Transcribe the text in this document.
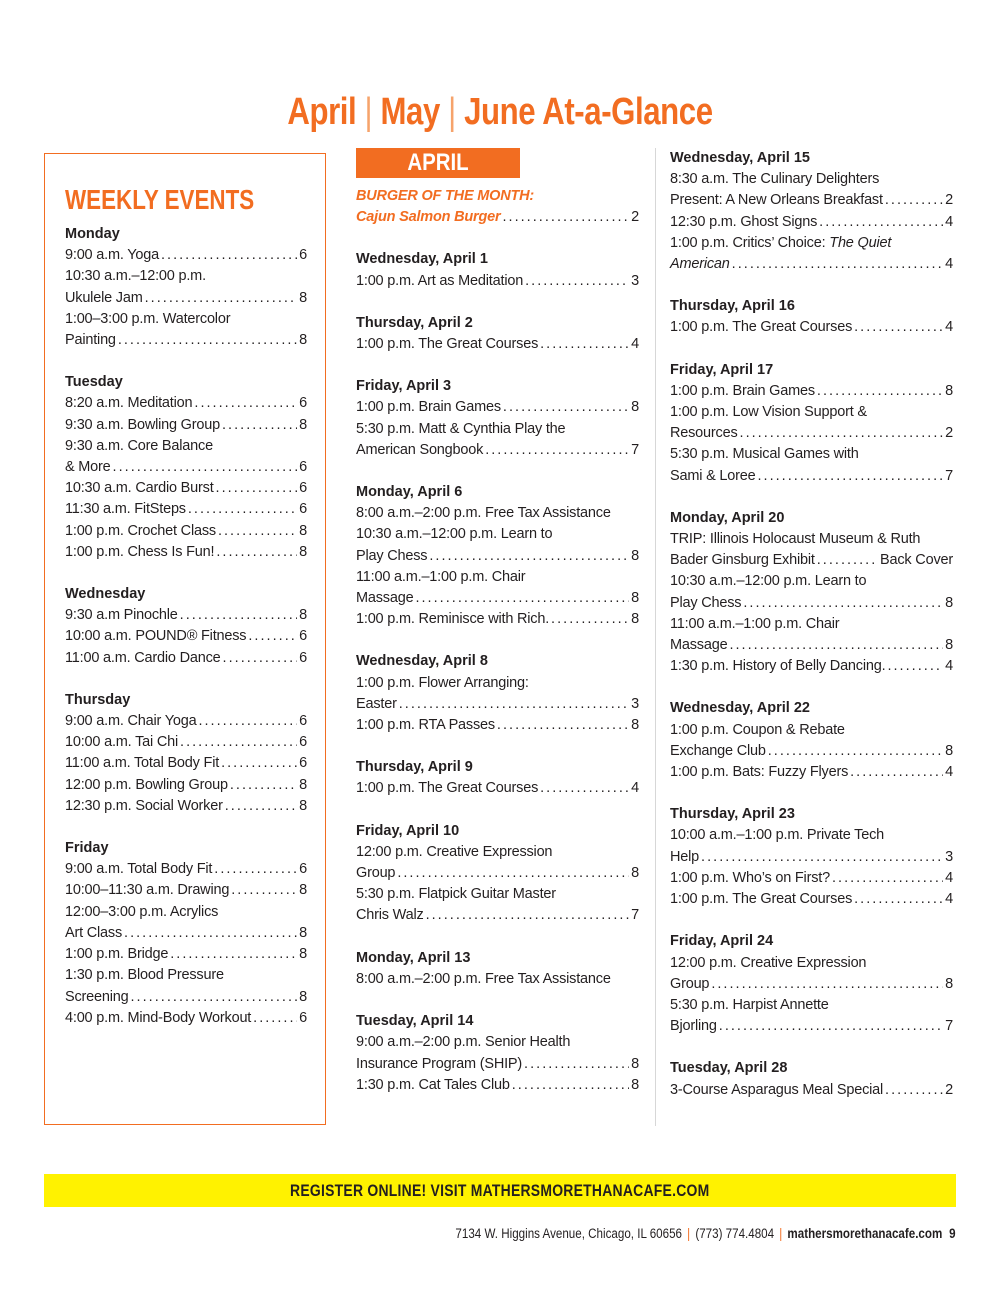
April | May | June At-a-Glance
WEEKLY EVENTS
Monday
9:00 a.m. Yoga . . .	6
10:30 a.m.–12:00 p.m.
Ukulele Jam . . .	8
1:00–3:00 p.m. Watercolor
Painting . . .	8
Tuesday
8:20 a.m. Meditation . . .	6
9:30 a.m. Bowling Group . . .	8
9:30 a.m. Core Balance
& More . . .	6
10:30 a.m. Cardio Burst . . .	6
11:30 a.m. FitSteps . . .	6
1:00 p.m. Crochet Class . . .	8
1:00 p.m. Chess Is Fun! . . .	8
Wednesday
9:30 a.m Pinochle . . .	8
10:00 a.m. POUND® Fitness . . .	6
11:00 a.m. Cardio Dance . . .	6
Thursday
9:00 a.m. Chair Yoga . . .	6
10:00 a.m. Tai Chi . . .	6
11:00 a.m. Total Body Fit . . .	6
12:00 p.m. Bowling Group . . .	8
12:30 p.m. Social Worker . . .	8
Friday
9:00 a.m. Total Body Fit . . .	6
10:00–11:30 a.m. Drawing . . .	8
12:00–3:00 p.m. Acrylics
Art Class . . .	8
1:00 p.m. Bridge . . .	8
1:30 p.m. Blood Pressure
Screening . . .	8
4:00 p.m. Mind-Body Workout . . .	6
APRIL
BURGER OF THE MONTH:
Cajun Salmon Burger . . .	2
Wednesday, April 1
1:00 p.m. Art as Meditation . . .	3
Thursday, April 2
1:00 p.m. The Great Courses . . .	4
Friday, April 3
1:00 p.m. Brain Games . . .	8
5:30 p.m. Matt & Cynthia Play the
American Songbook . . .	7
Monday, April 6
8:00 a.m.–2:00 p.m. Free Tax Assistance
10:30 a.m.–12:00 p.m. Learn to
Play Chess . . .	8
11:00 a.m.–1:00 p.m. Chair
Massage . . .	8
1:00 p.m. Reminisce with Rich. . . .	8
Wednesday, April 8
1:00 p.m. Flower Arranging:
Easter . . .	3
1:00 p.m. RTA Passes . . .	8
Thursday, April 9
1:00 p.m. The Great Courses . . .	4
Friday, April 10
12:00 p.m. Creative Expression
Group . . .	8
5:30 p.m. Flatpick Guitar Master
Chris Walz . . .	7
Monday, April 13
8:00 a.m.–2:00 p.m. Free Tax Assistance
Tuesday, April 14
9:00 a.m.–2:00 p.m. Senior Health
Insurance Program (SHIP) . . .	8
1:30 p.m. Cat Tales Club . . .	8
Wednesday, April 15
8:30 a.m. The Culinary Delighters
Present: A New Orleans Breakfast . . .	2
12:30 p.m. Ghost Signs . . .	4
1:00 p.m. Critics’ Choice: The Quiet
American . . .	4
Thursday, April 16
1:00 p.m. The Great Courses . . .	4
Friday, April 17
1:00 p.m. Brain Games . . .	8
1:00 p.m. Low Vision Support &
Resources . . .	2
5:30 p.m. Musical Games with
Sami & Loree . . .	7
Monday, April 20
TRIP: Illinois Holocaust Museum & Ruth
Bader Ginsburg Exhibit . . .	Back Cover
10:30 a.m.–12:00 p.m. Learn to
Play Chess . . .	8
11:00 a.m.–1:00 p.m. Chair
Massage . . .	8
1:30 p.m. History of Belly Dancing. . . .	4
Wednesday, April 22
1:00 p.m. Coupon & Rebate
Exchange Club . . .	8
1:00 p.m. Bats: Fuzzy Flyers . . .	4
Thursday, April 23
10:00 a.m.–1:00 p.m. Private Tech
Help . . .	3
1:00 p.m. Who’s on First? . . .	4
1:00 p.m. The Great Courses . . .	4
Friday, April 24
12:00 p.m. Creative Expression
Group . . .	8
5:30 p.m. Harpist Annette
Bjorling . . .	7
Tuesday, April 28
3-Course Asparagus Meal Special . . .	2
REGISTER ONLINE! VISIT MATHERSMORETHANACAFE.COM
7134 W. Higgins Avenue, Chicago, IL 60656 | (773) 774.4804 | mathersmorethanacafe.com 9
